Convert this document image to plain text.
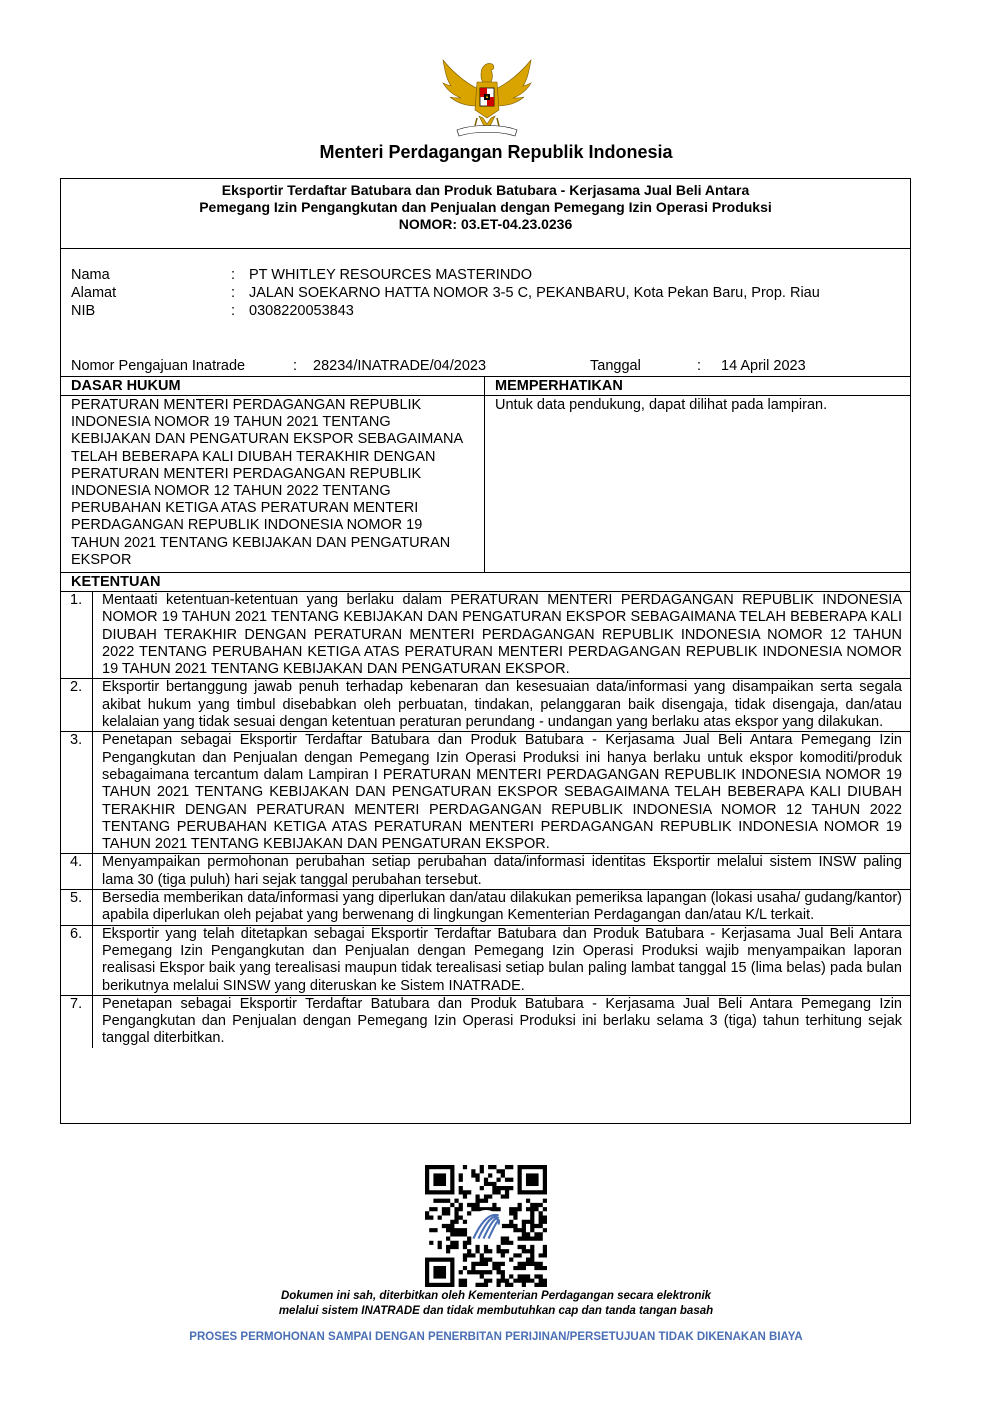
Menteri Perdagangan Republik Indonesia
Eksportir Terdaftar Batubara dan Produk Batubara - Kerjasama Jual Beli Antara
Pemegang Izin Pengangkutan dan Penjualan dengan Pemegang Izin Operasi Produksi
NOMOR: 03.ET-04.23.0236
Nama	: PT WHITLEY RESOURCES MASTERINDO
Alamat	: JALAN SOEKARNO HATTA NOMOR 3-5 C, PEKANBARU, Kota Pekan Baru, Prop. Riau
NIB	: 0308220053843
Nomor Pengajuan Inatrade	:	28234/INATRADE/04/2023	Tanggal	:	14 April 2023
DASAR HUKUM	MEMPERHATIKAN
PERATURAN MENTERI PERDAGANGAN REPUBLIK INDONESIA NOMOR 19 TAHUN 2021 TENTANG KEBIJAKAN DAN PENGATURAN EKSPOR SEBAGAIMANA TELAH BEBERAPA KALI DIUBAH TERAKHIR DENGAN PERATURAN MENTERI PERDAGANGAN REPUBLIK INDONESIA NOMOR 12 TAHUN 2022 TENTANG PERUBAHAN KETIGA ATAS PERATURAN MENTERI PERDAGANGAN REPUBLIK INDONESIA NOMOR 19 TAHUN 2021 TENTANG KEBIJAKAN DAN PENGATURAN EKSPOR
Untuk data pendukung, dapat dilihat pada lampiran.
KETENTUAN
1.	Mentaati ketentuan-ketentuan yang berlaku dalam PERATURAN MENTERI PERDAGANGAN REPUBLIK INDONESIA NOMOR 19 TAHUN 2021 TENTANG KEBIJAKAN DAN PENGATURAN EKSPOR SEBAGAIMANA TELAH BEBERAPA KALI DIUBAH TERAKHIR DENGAN PERATURAN MENTERI PERDAGANGAN REPUBLIK INDONESIA NOMOR 12 TAHUN 2022 TENTANG PERUBAHAN KETIGA ATAS PERATURAN MENTERI PERDAGANGAN REPUBLIK INDONESIA NOMOR 19 TAHUN 2021 TENTANG KEBIJAKAN DAN PENGATURAN EKSPOR.
2.	Eksportir bertanggung jawab penuh terhadap kebenaran dan kesesuaian data/informasi yang disampaikan serta segala akibat hukum yang timbul disebabkan oleh perbuatan, tindakan, pelanggaran baik disengaja, tidak disengaja, dan/atau kelalaian yang tidak sesuai dengan ketentuan peraturan perundang - undangan yang berlaku atas ekspor yang dilakukan.
3.	Penetapan sebagai Eksportir Terdaftar Batubara dan Produk Batubara - Kerjasama Jual Beli Antara Pemegang Izin Pengangkutan dan Penjualan dengan Pemegang Izin Operasi Produksi ini hanya berlaku untuk ekspor komoditi/produk sebagaimana tercantum dalam Lampiran I PERATURAN MENTERI PERDAGANGAN REPUBLIK INDONESIA NOMOR 19 TAHUN 2021 TENTANG KEBIJAKAN DAN PENGATURAN EKSPOR SEBAGAIMANA TELAH BEBERAPA KALI DIUBAH TERAKHIR DENGAN PERATURAN MENTERI PERDAGANGAN REPUBLIK INDONESIA NOMOR 12 TAHUN 2022 TENTANG PERUBAHAN KETIGA ATAS PERATURAN MENTERI PERDAGANGAN REPUBLIK INDONESIA NOMOR 19 TAHUN 2021 TENTANG KEBIJAKAN DAN PENGATURAN EKSPOR.
4.	Menyampaikan permohonan perubahan setiap perubahan data/informasi identitas Eksportir melalui sistem INSW paling lama 30 (tiga puluh) hari sejak tanggal perubahan tersebut.
5.	Bersedia memberikan data/informasi yang diperlukan dan/atau dilakukan pemeriksa lapangan (lokasi usaha/ gudang/kantor) apabila diperlukan oleh pejabat yang berwenang di lingkungan Kementerian Perdagangan dan/atau K/L terkait.
6.	Eksportir yang telah ditetapkan sebagai Eksportir Terdaftar Batubara dan Produk Batubara - Kerjasama Jual Beli Antara Pemegang Izin Pengangkutan dan Penjualan dengan Pemegang Izin Operasi Produksi wajib menyampaikan laporan realisasi Ekspor baik yang terealisasi maupun tidak terealisasi setiap bulan paling lambat tanggal 15 (lima belas) pada bulan berikutnya melalui SINSW yang diteruskan ke Sistem INATRADE.
7.	Penetapan sebagai Eksportir Terdaftar Batubara dan Produk Batubara - Kerjasama Jual Beli Antara Pemegang Izin Pengangkutan dan Penjualan dengan Pemegang Izin Operasi Produksi ini berlaku selama 3 (tiga) tahun terhitung sejak tanggal diterbitkan.
Dokumen ini sah, diterbitkan oleh Kementerian Perdagangan secara elektronik
melalui sistem INATRADE dan tidak membutuhkan cap dan tanda tangan basah
PROSES PERMOHONAN SAMPAI DENGAN PENERBITAN PERIJINAN/PERSETUJUAN TIDAK DIKENAKAN BIAYA
